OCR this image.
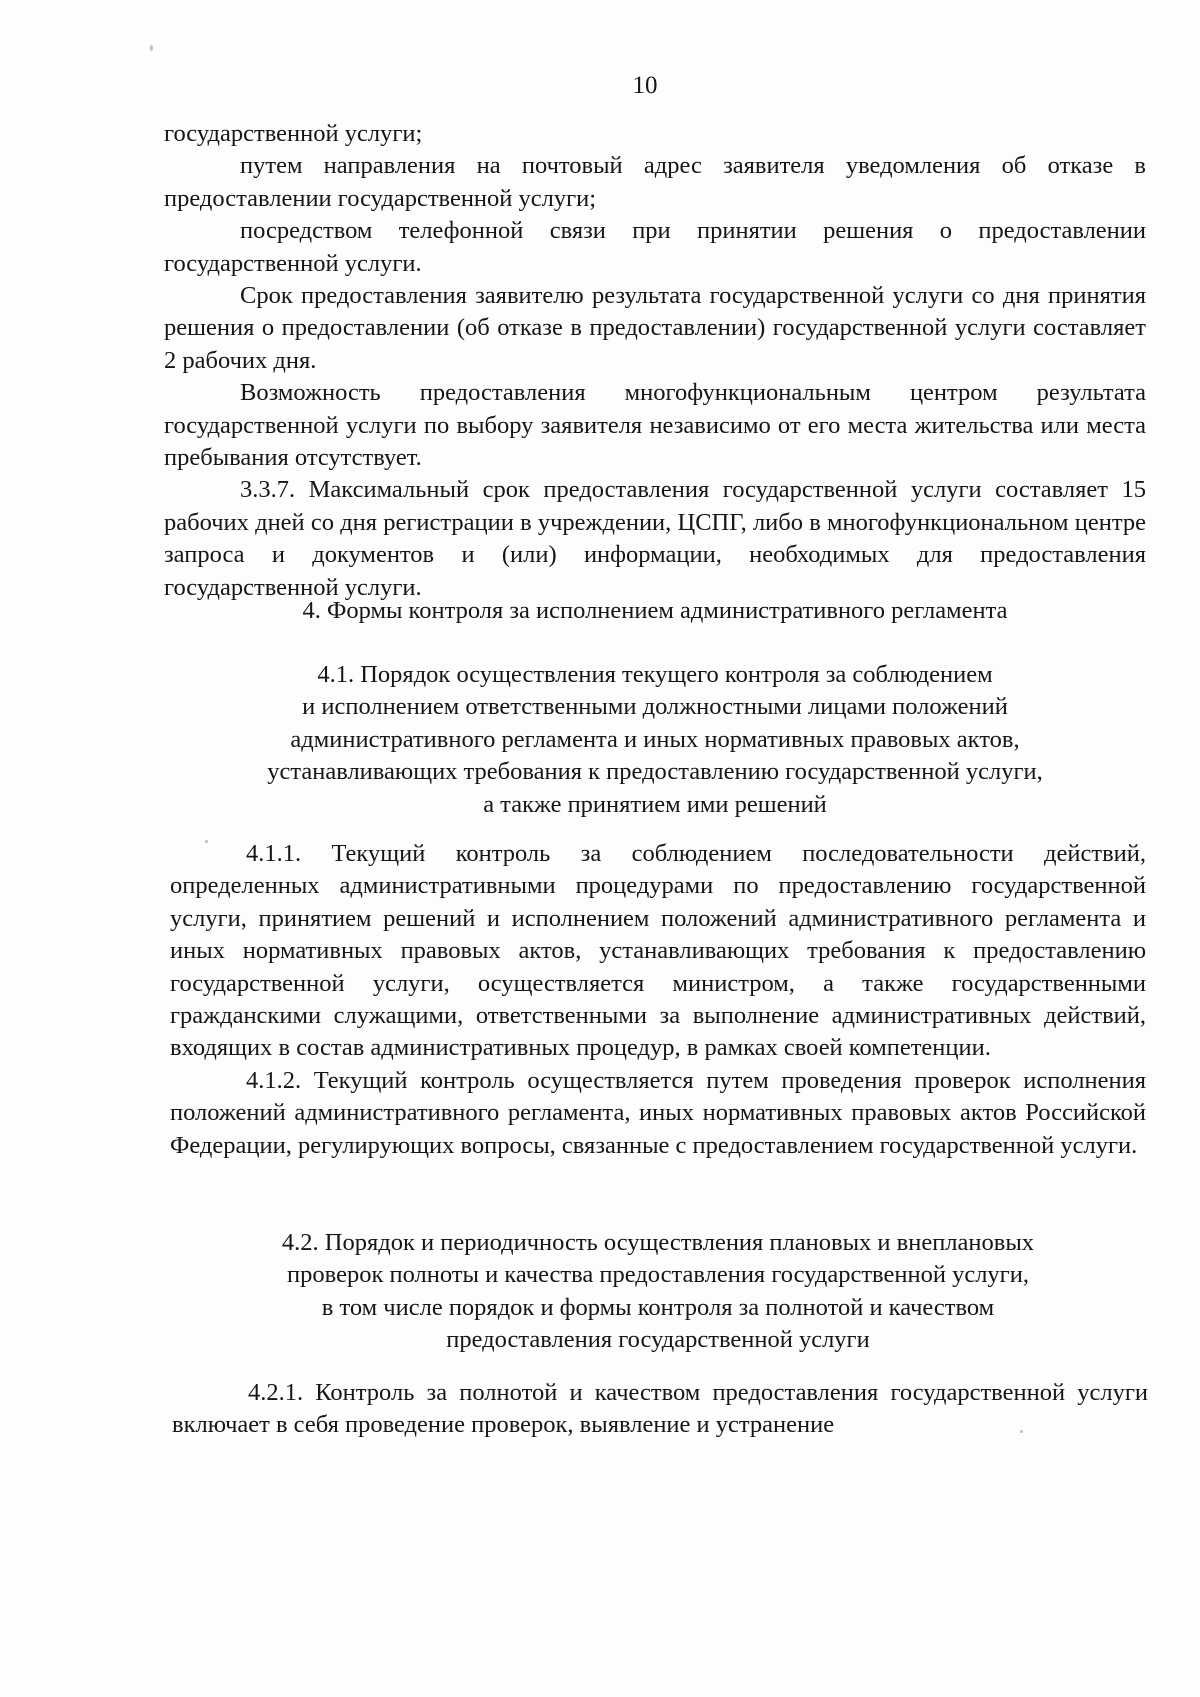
10

государственной услуги;

путем направления на почтовый адрес заявителя уведомления об отказе в предоставлении государственной услуги;

посредством телефонной связи при принятии решения о предоставлении государственной услуги.

Срок предоставления заявителю результата государственной услуги со дня принятия решения о предоставлении (об отказе в предоставлении) государственной услуги составляет 2 рабочих дня.

Возможность предоставления многофункциональным центром результата государственной услуги по выбору заявителя независимо от его места жительства или места пребывания отсутствует.

3.3.7. Максимальный срок предоставления государственной услуги составляет 15 рабочих дней со дня регистрации в учреждении, ЦСПГ, либо в многофункциональном центре запроса и документов и (или) информации, необходимых для предоставления государственной услуги.

4. Формы контроля за исполнением административного регламента

4.1. Порядок осуществления текущего контроля за соблюдением
и исполнением ответственными должностными лицами положений
административного регламента и иных нормативных правовых актов,
устанавливающих требования к предоставлению государственной услуги,
а также принятием ими решений

4.1.1. Текущий контроль за соблюдением последовательности действий, определенных административными процедурами по предоставлению государственной услуги, принятием решений и исполнением положений административного регламента и иных нормативных правовых актов, устанавливающих требования к предоставлению государственной услуги, осуществляется министром, а также государственными гражданскими служащими, ответственными за выполнение административных действий, входящих в состав административных процедур, в рамках своей компетенции.

4.1.2. Текущий контроль осуществляется путем проведения проверок исполнения положений административного регламента, иных нормативных правовых актов Российской Федерации, регулирующих вопросы, связанные с предоставлением государственной услуги.

4.2. Порядок и периодичность осуществления плановых и внеплановых
проверок полноты и качества предоставления государственной услуги,
в том числе порядок и формы контроля за полнотой и качеством
предоставления государственной услуги

4.2.1. Контроль за полнотой и качеством предоставления государственной услуги включает в себя проведение проверок, выявление и устранение
